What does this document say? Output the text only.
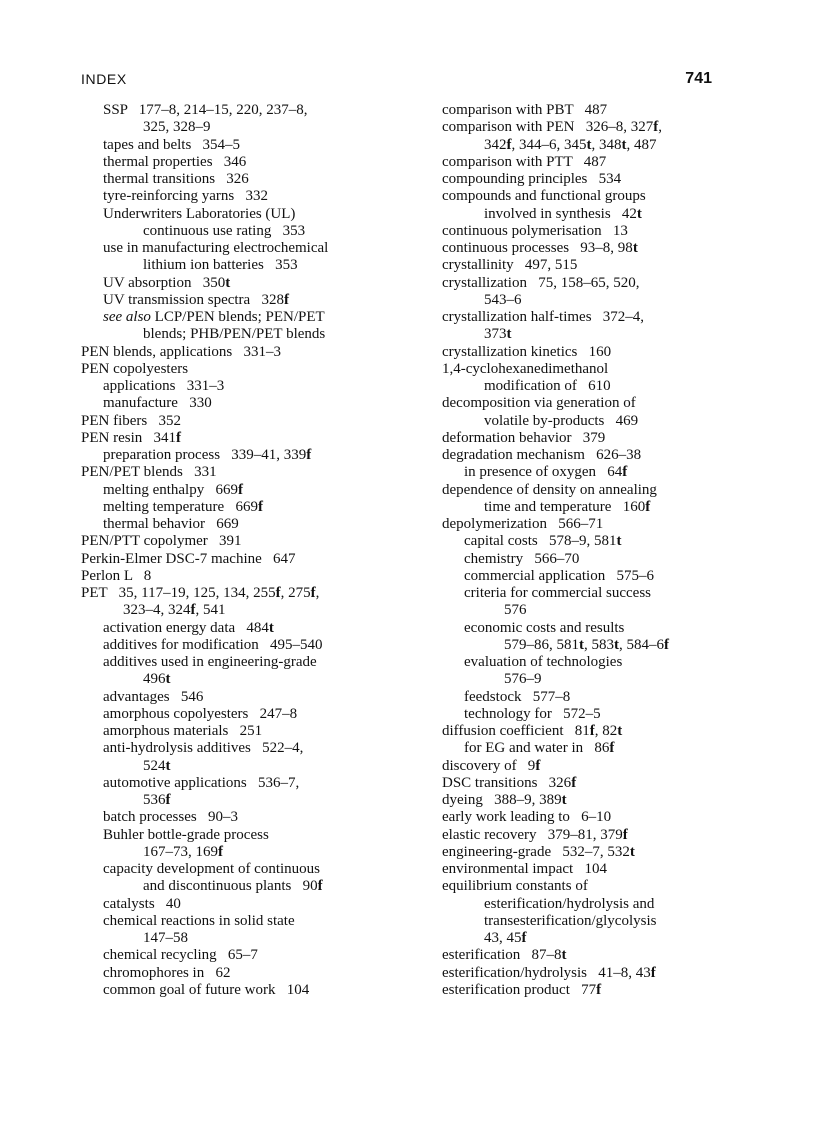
INDEX	741
SSP   177–8, 214–15, 220, 237–8,
325, 328–9
tapes and belts   354–5
thermal properties   346
thermal transitions   326
tyre-reinforcing yarns   332
Underwriters Laboratories (UL)
continuous use rating   353
use in manufacturing electrochemical
lithium ion batteries   353
UV absorption   350t
UV transmission spectra   328f
see also LCP/PEN blends; PEN/PET
blends; PHB/PEN/PET blends
PEN blends, applications   331–3
PEN copolyesters
applications   331–3
manufacture   330
PEN fibers   352
PEN resin   341f
preparation process   339–41, 339f
PEN/PET blends   331
melting enthalpy   669f
melting temperature   669f
thermal behavior   669
PEN/PTT copolymer   391
Perkin-Elmer DSC-7 machine   647
Perlon L   8
PET   35, 117–19, 125, 134, 255f, 275f,
323–4, 324f, 541
activation energy data   484t
additives for modification   495–540
additives used in engineering-grade
496t
advantages   546
amorphous copolyesters   247–8
amorphous materials   251
anti-hydrolysis additives   522–4,
524t
automotive applications   536–7,
536f
batch processes   90–3
Buhler bottle-grade process
167–73, 169f
capacity development of continuous
and discontinuous plants   90f
catalysts   40
chemical reactions in solid state
147–58
chemical recycling   65–7
chromophores in   62
common goal of future work   104
comparison with PBT   487
comparison with PEN   326–8, 327f,
342f, 344–6, 345t, 348t, 487
comparison with PTT   487
compounding principles   534
compounds and functional groups
involved in synthesis   42t
continuous polymerisation   13
continuous processes   93–8, 98t
crystallinity   497, 515
crystallization   75, 158–65, 520,
543–6
crystallization half-times   372–4,
373t
crystallization kinetics   160
1,4-cyclohexanedimethanol
modification of   610
decomposition via generation of
volatile by-products   469
deformation behavior   379
degradation mechanism   626–38
in presence of oxygen   64f
dependence of density on annealing
time and temperature   160f
depolymerization   566–71
capital costs   578–9, 581t
chemistry   566–70
commercial application   575–6
criteria for commercial success
576
economic costs and results
579–86, 581t, 583t, 584–6f
evaluation of technologies
576–9
feedstock   577–8
technology for   572–5
diffusion coefficient   81f, 82t
for EG and water in   86f
discovery of   9f
DSC transitions   326f
dyeing   388–9, 389t
early work leading to   6–10
elastic recovery   379–81, 379f
engineering-grade   532–7, 532t
environmental impact   104
equilibrium constants of
esterification/hydrolysis and
transesterification/glycolysis
43, 45f
esterification   87–8t
esterification/hydrolysis   41–8, 43f
esterification product   77f
